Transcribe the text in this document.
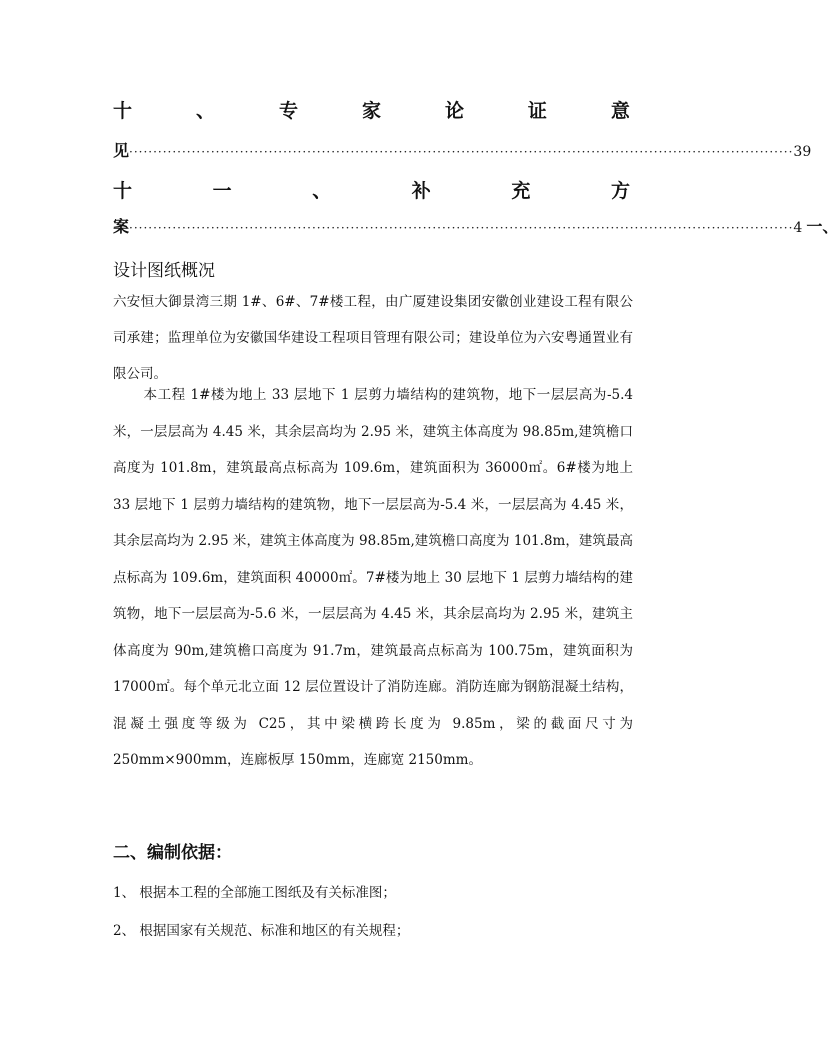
十	、	专	家	论	证	意
见 ·········································································································································· 39
十	一	、	补	充	方
案 ·········································································································································· 4 一、
设计图纸概况
六安恒大御景湾三期 1#、6#、7#楼工程，由广厦建设集团安徽创业建设工程有限公司承建；监理单位为安徽国华建设工程项目管理有限公司；建设单位为六安粤通置业有限公司。
本工程 1#楼为地上 33 层地下 1 层剪力墙结构的建筑物，地下一层层高为-5.4 米，一层层高为 4.45 米，其余层高均为 2.95 米，建筑主体高度为 98.85m,建筑檐口高度为 101.8m，建筑最高点标高为 109.6m，建筑面积为 36000㎡。6#楼为地上 33 层地下 1 层剪力墙结构的建筑物，地下一层层高为-5.4 米，一层层高为 4.45 米，其余层高均为 2.95 米，建筑主体高度为 98.85m,建筑檐口高度为 101.8m，建筑最高点标高为 109.6m，建筑面积 40000㎡。7#楼为地上 30 层地下 1 层剪力墙结构的建筑物，地下一层层高为-5.6 米，一层层高为 4.45 米，其余层高均为 2.95 米，建筑主体高度为 90m,建筑檐口高度为 91.7m，建筑最高点标高为 100.75m，建筑面积为 17000㎡。每个单元北立面 12 层位置设计了消防连廊。消防连廊为钢筋混凝土结构，混凝土强度等级为 C25，其中梁横跨长度为 9.85m，梁的截面尺寸为 250mm×900mm，连廊板厚 150mm，连廊宽 2150mm。
二、编制依据：
1、 根据本工程的全部施工图纸及有关标准图；
2、 根据国家有关规范、标准和地区的有关规程；
